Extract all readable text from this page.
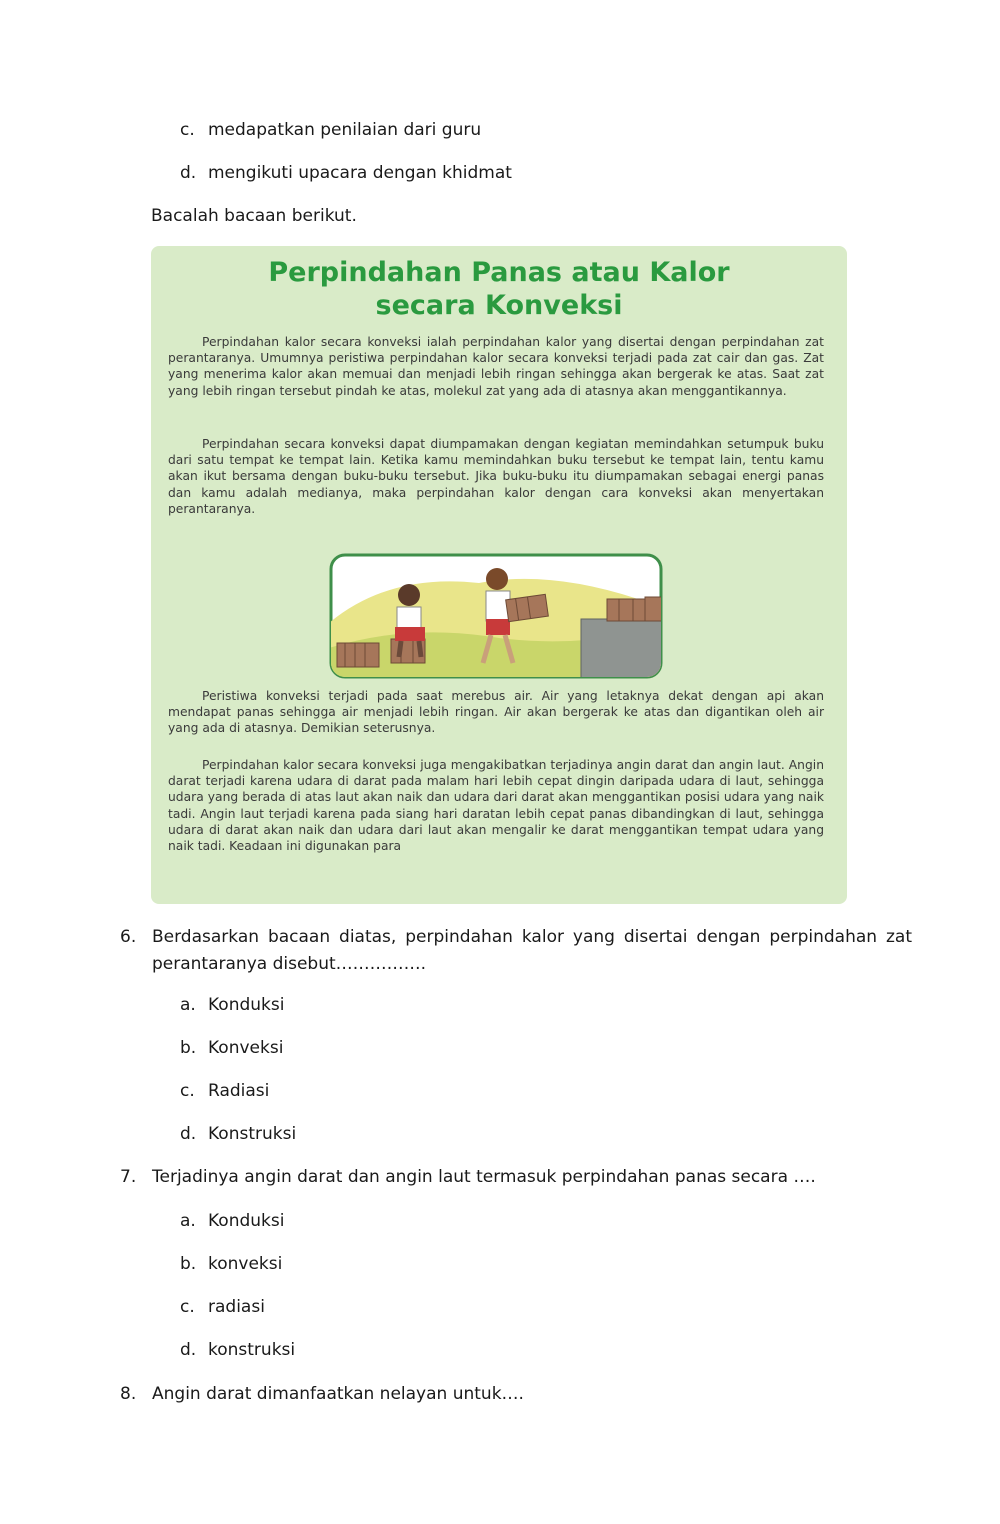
c. medapatkan penilaian dari guru
d. mengikuti upacara dengan khidmat
Bacalah bacaan berikut.
Perpindahan Panas atau Kalor
secara Konveksi
Perpindahan kalor secara konveksi ialah perpindahan kalor yang disertai dengan perpindahan zat perantaranya. Umumnya peristiwa perpindahan kalor secara konveksi terjadi pada zat cair dan gas. Zat yang menerima kalor akan memuai dan menjadi lebih ringan sehingga akan bergerak ke atas. Saat zat yang lebih ringan tersebut pindah ke atas, molekul zat yang ada di atasnya akan menggantikannya.
Perpindahan secara konveksi dapat diumpamakan dengan kegiatan memindahkan setumpuk buku dari satu tempat ke tempat lain. Ketika kamu memindahkan buku tersebut ke tempat lain, tentu kamu akan ikut bersama dengan buku-buku tersebut. Jika buku-buku itu diumpamakan sebagai energi panas dan kamu adalah medianya, maka perpindahan kalor dengan cara konveksi akan menyertakan perantaranya.
Peristiwa konveksi terjadi pada saat merebus air. Air yang letaknya dekat dengan api akan mendapat panas sehingga air menjadi lebih ringan. Air akan bergerak ke atas dan digantikan oleh air yang ada di atasnya. Demikian seterusnya.
Perpindahan kalor secara konveksi juga mengakibatkan terjadinya angin darat dan angin laut. Angin darat terjadi karena udara di darat pada malam hari lebih cepat dingin daripada udara di laut, sehingga udara yang berada di atas laut akan naik dan udara dari darat akan menggantikan posisi udara yang naik tadi. Angin laut terjadi karena pada siang hari daratan lebih cepat panas dibandingkan di laut, sehingga udara di darat akan naik dan udara dari laut akan mengalir ke darat menggantikan tempat udara yang naik tadi. Keadaan ini digunakan para
6. Berdasarkan bacaan diatas, perpindahan kalor yang disertai dengan perpindahan zat
perantaranya disebut…………….
a. Konduksi
b. Konveksi
c. Radiasi
d. Konstruksi
7. Terjadinya angin darat dan angin laut termasuk perpindahan panas secara ….
a. Konduksi
b. konveksi
c. radiasi
d. konstruksi
8. Angin darat dimanfaatkan nelayan untuk….
